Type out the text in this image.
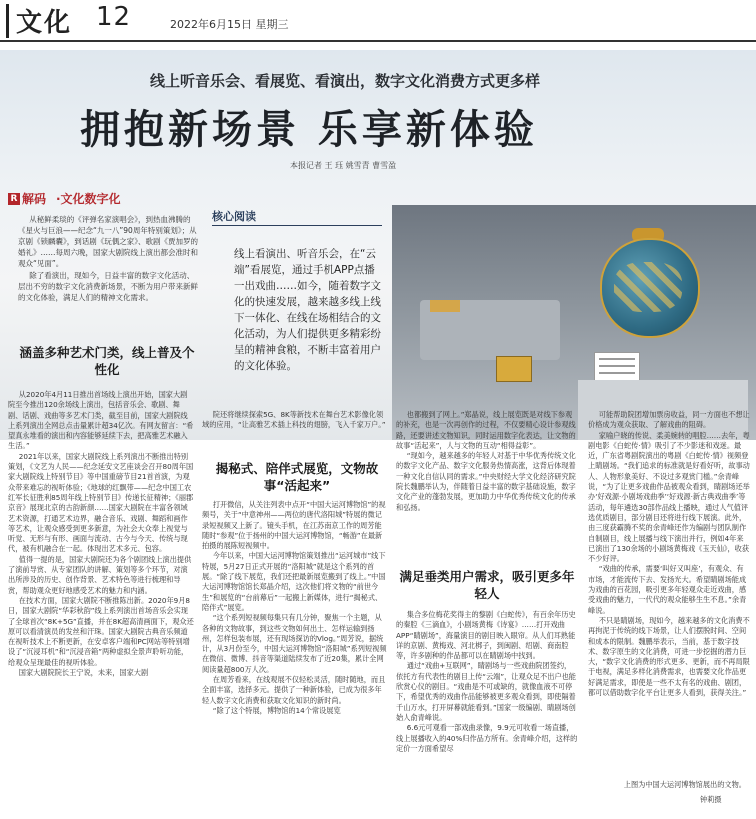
文化 12	2022年6月15日 星期三
线上听音乐会、看展览、看演出，数字文化消费方式更多样
拥抱新场景 乐享新体验
本报记者 王 珏 姚雪青 曹雪盈
R 解码 ·文化数字化

从秘鲜柔琰的《评弹名家演唱会》，到热血沸腾的《星火与巨浪——纪念“九一八”90周年特别策划》；从京剧《锁麟囊》，到话剧《玩偶之家》、歌剧《贾加罗的婚礼》……每周六晚，国家大剧院线上演出都会准时和观众“见面”。

除了看演出，现如今，日益丰富的数字文化活动、层出不穷的数字文化消费新场景，不断为用户带来新鲜的文化体验，满足人们的精神文化需求。

核心阅读
线上看演出、听音乐会，在“云端”看展览，通过手机APP点播一出戏曲……如今，随着数字文化的快速发展，越来越多线上线下一体化、在线在场相结合的文化活动，为人们提供更多精彩纷呈的精神食粮，不断丰富着用户的文化体验。
涵盖多种艺术门类，线上普及个性化

从2020年4月11日推出首场线上演出开始，国家大剧院至今推出120余场线上演出，包括音乐会、歌剧、舞剧、话剧、戏曲等多艺术门类，截至目前，国家大剧院线上系列演出全网总点击量累计超34亿次。有网友留言：“希望真永堆看的演出和内容能够延续下去，把高雅艺术融入生活。”

2021年以来，国家大剧院线上系列演出不断推出特别策划，《文艺为人民——纪念延安文艺座谈会召开80周年国家大剧院线上特别节目》等中国重磅节目21首首演，为观众带来难忘的视听体验；《地球的红飘带——纪念中国工农红军长征胜利85周年线上特别节目》传递长征精神；《丽郡京音》展现北京的古韵新颜……国家大剧院在丰富各领域艺术资源，打通艺术边界，融合音乐、戏剧、舞蹈和画作等艺术，让观众感受到更多新意，为社会大众奉上视觉与听觉、无形与有形、画面与流动、古今与今天、传统与现代，被有机融合在一起。体现出艺术多元、包容。

值得一提的是，国家大剧院还为各个剧团线上演出提供了演前导赏、从专家团队的讲解、策划等多个环节，对演出所涉及的历史、创作背景、艺术特色等进行梳理和导赏，帮助观众更好地感受艺术的魅力和内涵。

在技术方面，国家大剧院不断推陈出新。2020年9月8日，国家大剧院“华彩秋韵”线上系列演出首场音乐会实现了全球首次“8K+5G”直播，并在8K超高清画面下，观众还原可以看清演员的发丝和汗珠。国家大剧院古典音乐频道在视听技术上不断更新，在安卓客户端和PC网站等特别增设了“沉浸耳机”和“沉浸音箱”两种虚拟全景声聆听功能，给观众呈现最佳的视听体验。

国家大剧院院长王宁说，未来，国家大剧

院还将继续探索5G、8K等新技术在舞台艺术影像化领域的应用，“让高雅艺术插上科技的翅膀，飞入千家万户。”

揭秘式、陪伴式展览，文物故事“活起来”

打开微信，从关注列表中点开“中国大运河博物馆”的视频号，关于“中意神州——两位的唐代洛阳城”特展的微记录短视频又上新了。镜头手机，在江苏南京工作的周芳能随时“参观”位于扬州的中国大运河博物馆，“畅游”在最新拍摄的展陈短视频中。

今年以来，中国大运河博物馆策划推出“运河城市”线下特展，5月27日正式开展的“洛阳城”就是这个系列的首展。“除了线下展览，我们还把最新展览搬到了线上。”中国大运河博物馆馆长郑晶介绍，这次他们将文物的“前世今生”和展览的“台前幕后”一起搬上新媒体，进行“揭秘式、陪伴式”展览。

“这个系列短视频每集只有几分钟，聚焦一个主题，从各种的文物故事，到这些文物如何出土、怎样运输到扬州，怎样包装布展，还有现场探访的Vlog。”周芳说，据统计，从3月份至今，中国大运河博物馆“洛阳城”系列短视频在微信、微博、抖音等渠道陆续发布了近20集，累计全网阅读量超800万人次。

在周芳看来，在线观展不仅轻松灵活，随时随地，而且全面丰富，选择多元。提供了一种新体验，已成为很多年轻人数字文化消费和获取文化知识的新时尚。

“除了这个特展，博物馆的14个常设展览

也都搬到了网上。”郑晶说，线上展览既是对线下参观的补充，也是一次再创作的过程，不仅要精心设计参观线路，还要讲述文物知识，同时运用数字化表达，让文物的故事“活起来”，人与文物的互动“相得益彰”。

“现如今，越来越多的年轻人对基于中华优秀传统文化的数字文化产品、数字文化服务热情高涨，这背后体现着一种文化自信认同的需求。”中央财经大学文化经济研究院院长魏鹏举认为，伴随着日益丰富的数字基础设施，数字文化产业的蓬勃发展，更加助力中华优秀传统文化的传承和弘扬。

满足垂类用户需求，吸引更多年轻人

集合多位梅花奖得主的黎剧《白蛇传》，有百余年历史的秦腔《三滴血》，小剧场黄梅《诗宴》……打开戏曲APP“睛剧场”，海量演目的剧目映入眼帘。从人们耳熟能详的京剧、黄梅戏、河北梆子，到闽剧、绍剧、商南腔等，许多剧种的作品都可以在睛剧场中找到。

通过“戏曲+互联网”，睛剧场与一些戏曲院团签约，依托方有代表性的剧目上传“云端”，让观众足不出户也能欣赏心仪的剧目。“戏曲是不可或缺的，就像血液不可停下，希望优秀的戏曲作品能够被更多观众看到，即使隔着千山万水，打开屏幕就能看到。”国家一级编剧、睛剧场创始人俞青峰说。

6.6元可观看一部戏曲录像，9.9元可收看一场直播，线上展播收入的40%归作品方所有。余青峰介绍，这样的定价一方面希望尽

可能帮助院团增加票房收益，同一方面也不想让价格成为观众获取、了解戏曲的阻碍。

家喻户晓的传说、柔美婉转的唱腔……去年，粤剧电影《白蛇传·情》吸引了不少影迷和戏迷。最近，广东省粤剧院演出的粤剧《白蛇传·情》视频登上睛剧场。“我们追求的标准就是好看好听，故事动人、人物形象美好、不设过多观赏门槛。”余青峰说，“为了让更多戏曲作品被观众看到，睛剧场还举办‘好戏源·小剧场戏曲季’‘好戏源·新古典戏曲季’等活动，每年遴选30部作品线上播映，通过人气值评选优质剧目，部分剧目还将进行线下展演。此外，由三度获霸腾不奖的余青峰还作为编剧与团队制作自制剧目，线上展播与线下演出并行，例如4年来已演出了130余场的小剧场黄梅戏《玉天仙》，收获不少好评。

“戏曲的传承，需要‘叫好又叫座’，有观众、有市场，才能流传下去、发扬光大。希望睛剧场能成为戏曲的百花园，吸引更多年轻观众走近戏曲，感受戏曲的魅力，一代代的观众能够生生不息。”余青峰说。

不只是睛剧场，现如今，越来越多的文化消费不再拘泥于传统的线下场景，让人们摆脱时间、空间和成本的限制。魏鹏举表示，当前，基于数字技术、数字原生的文化消费，可进一步挖掘的潜力巨大，“数字文化消费的形式更多、更新，而不再局限于电视，满足多样化消费需求，也需要文化作品更好满足需求，即使是一些不太有名的戏曲、剧团，都可以借助数字化平台让更多人看到，获得关注。”

上图为中国大运河博物馆展出的文物。
钟莉摄
